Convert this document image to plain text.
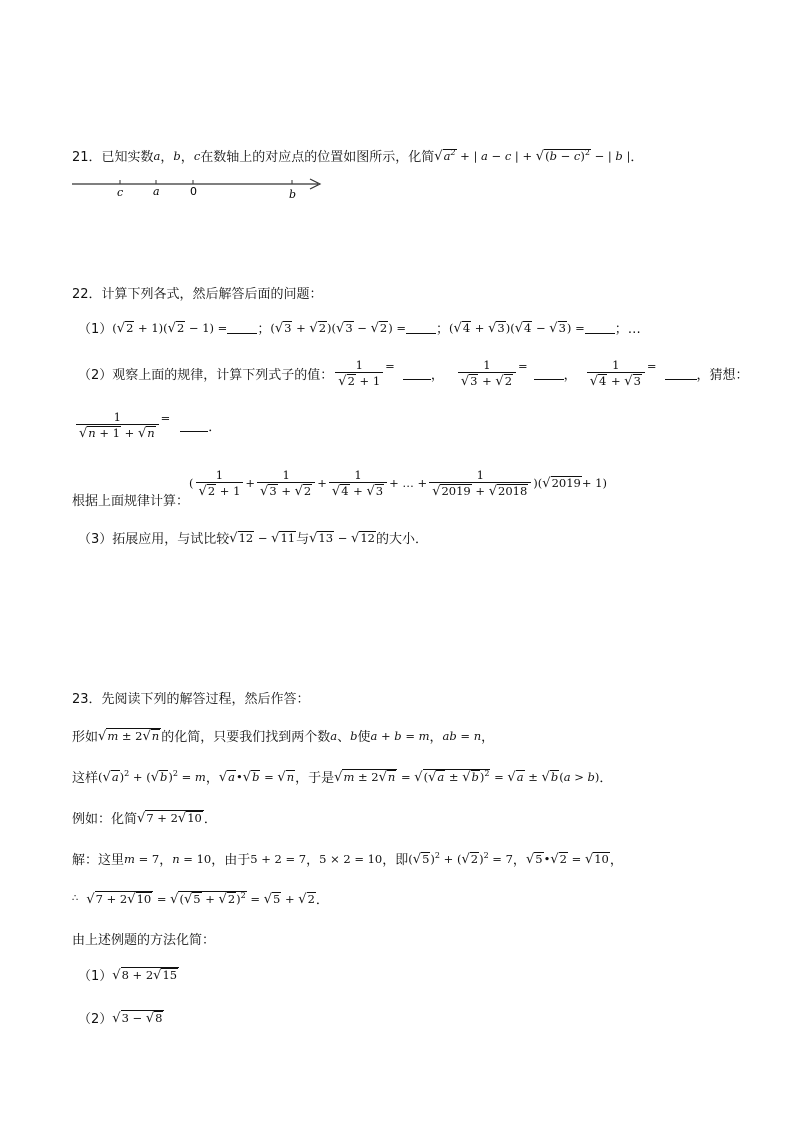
21．已知实数 a ， b ， c 在数轴上的对应点的位置如图所示，化简 √ $a^2$ + | a − c | + √ $(b - c)^2$ − | b | ．
c	a	0	b
22．计算下列各式，然后解答后面的问题：
（1） ( √ 2 + 1)( √ 2 − 1) = ； ( √ 3 + √ 2 )( √ 3 − √ 2 ) = ； ( √ 4 + √ 3 )( √ 4 − √ 3 ) = ；…
（2）观察上面的规律，计算下列式子的值： $\frac{1}{√ 2 + 1}$ =
， $\frac{1}{√ 3 + √ 2}$ =
， $\frac{1}{√ 4 + √ 3}$ =
，猜想：
$\frac{1}{√ n + 1 + √ n}$ =
．
根据上面规律计算：
( $\frac{1}{√ 2 + 1} + \frac{1}{√ 3 + √ 2} + \frac{1}{√ 4 + √ 3}$ + … + $\frac{1}{√ 2019 + √ 2018}$ )( √ 2019 + 1)
（3）拓展应用，与试比较 √ 12 − √ 11 与 √ 13 − √ 12 的大小．
23．先阅读下列的解答过程，然后作答：
形如 √ m ± 2 √ n 的化简，只要我们找到两个数 a 、 b 使 a + b = m ， ab = n ，
这样 ( √ a )$^2$ + ( √ b )$^2$ = m ， √ a • √ b = √ n ，于是 √ m ± 2 √ n = √ ( √ a ± √ b )$^2$ = √ a ± √ b (a > b) ．
例如：化简 √ 7 + 2 √ 10 ．
解：这里 m = 7 ， n = 10 ，由于 5 + 2 = 7 ， 5 × 2 = 10 ，即 ( √ 5 )$^2$ + ( √ 2 )$^2$ = 7 ， √ 5 • √ 2 = √ 10 ，
∴ √ 7 + 2 √ 10 = √ ( √ 5 + √ 2 )$^2$ = √ 5 + √ 2 ．
由上述例题的方法化简：
（1） √ 8 + 2 √ 15
（2） √ 3 − √ 8
